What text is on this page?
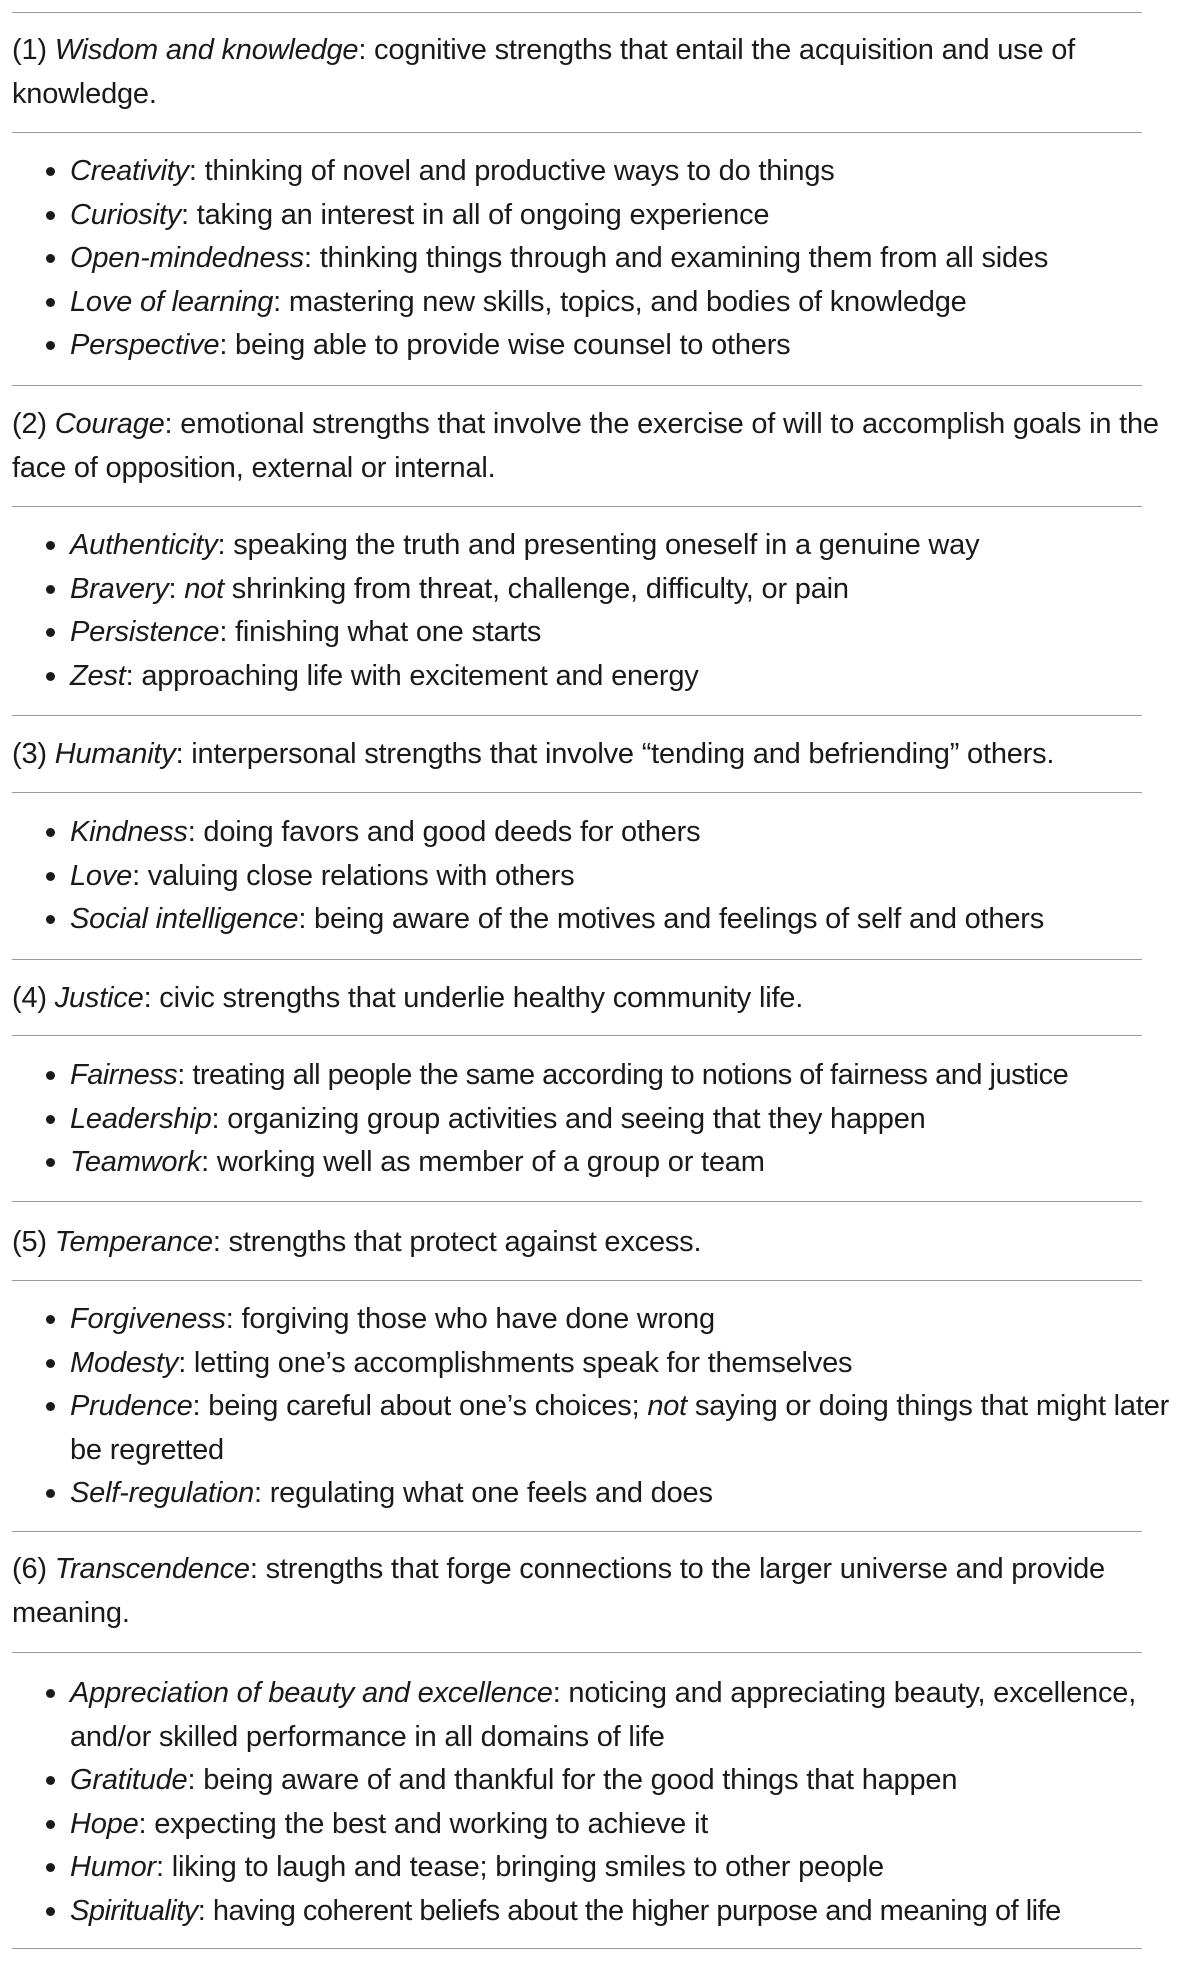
(1) Wisdom and knowledge: cognitive strengths that entail the acquisition and use of knowledge.

Creativity: thinking of novel and productive ways to do things
Curiosity: taking an interest in all of ongoing experience
Open-mindedness: thinking things through and examining them from all sides
Love of learning: mastering new skills, topics, and bodies of knowledge
Perspective: being able to provide wise counsel to others

(2) Courage: emotional strengths that involve the exercise of will to accomplish goals in the face of opposition, external or internal.

Authenticity: speaking the truth and presenting oneself in a genuine way
Bravery: not shrinking from threat, challenge, difficulty, or pain
Persistence: finishing what one starts
Zest: approaching life with excitement and energy

(3) Humanity: interpersonal strengths that involve “tending and befriending” others.

Kindness: doing favors and good deeds for others
Love: valuing close relations with others
Social intelligence: being aware of the motives and feelings of self and others

(4) Justice: civic strengths that underlie healthy community life.

Fairness: treating all people the same according to notions of fairness and justice
Leadership: organizing group activities and seeing that they happen
Teamwork: working well as member of a group or team

(5) Temperance: strengths that protect against excess.

Forgiveness: forgiving those who have done wrong
Modesty: letting one’s accomplishments speak for themselves
Prudence: being careful about one’s choices; not saying or doing things that might later be regretted
Self-regulation: regulating what one feels and does

(6) Transcendence: strengths that forge connections to the larger universe and provide meaning.

Appreciation of beauty and excellence: noticing and appreciating beauty, excellence, and/or skilled performance in all domains of life
Gratitude: being aware of and thankful for the good things that happen
Hope: expecting the best and working to achieve it
Humor: liking to laugh and tease; bringing smiles to other people
Spirituality: having coherent beliefs about the higher purpose and meaning of life
